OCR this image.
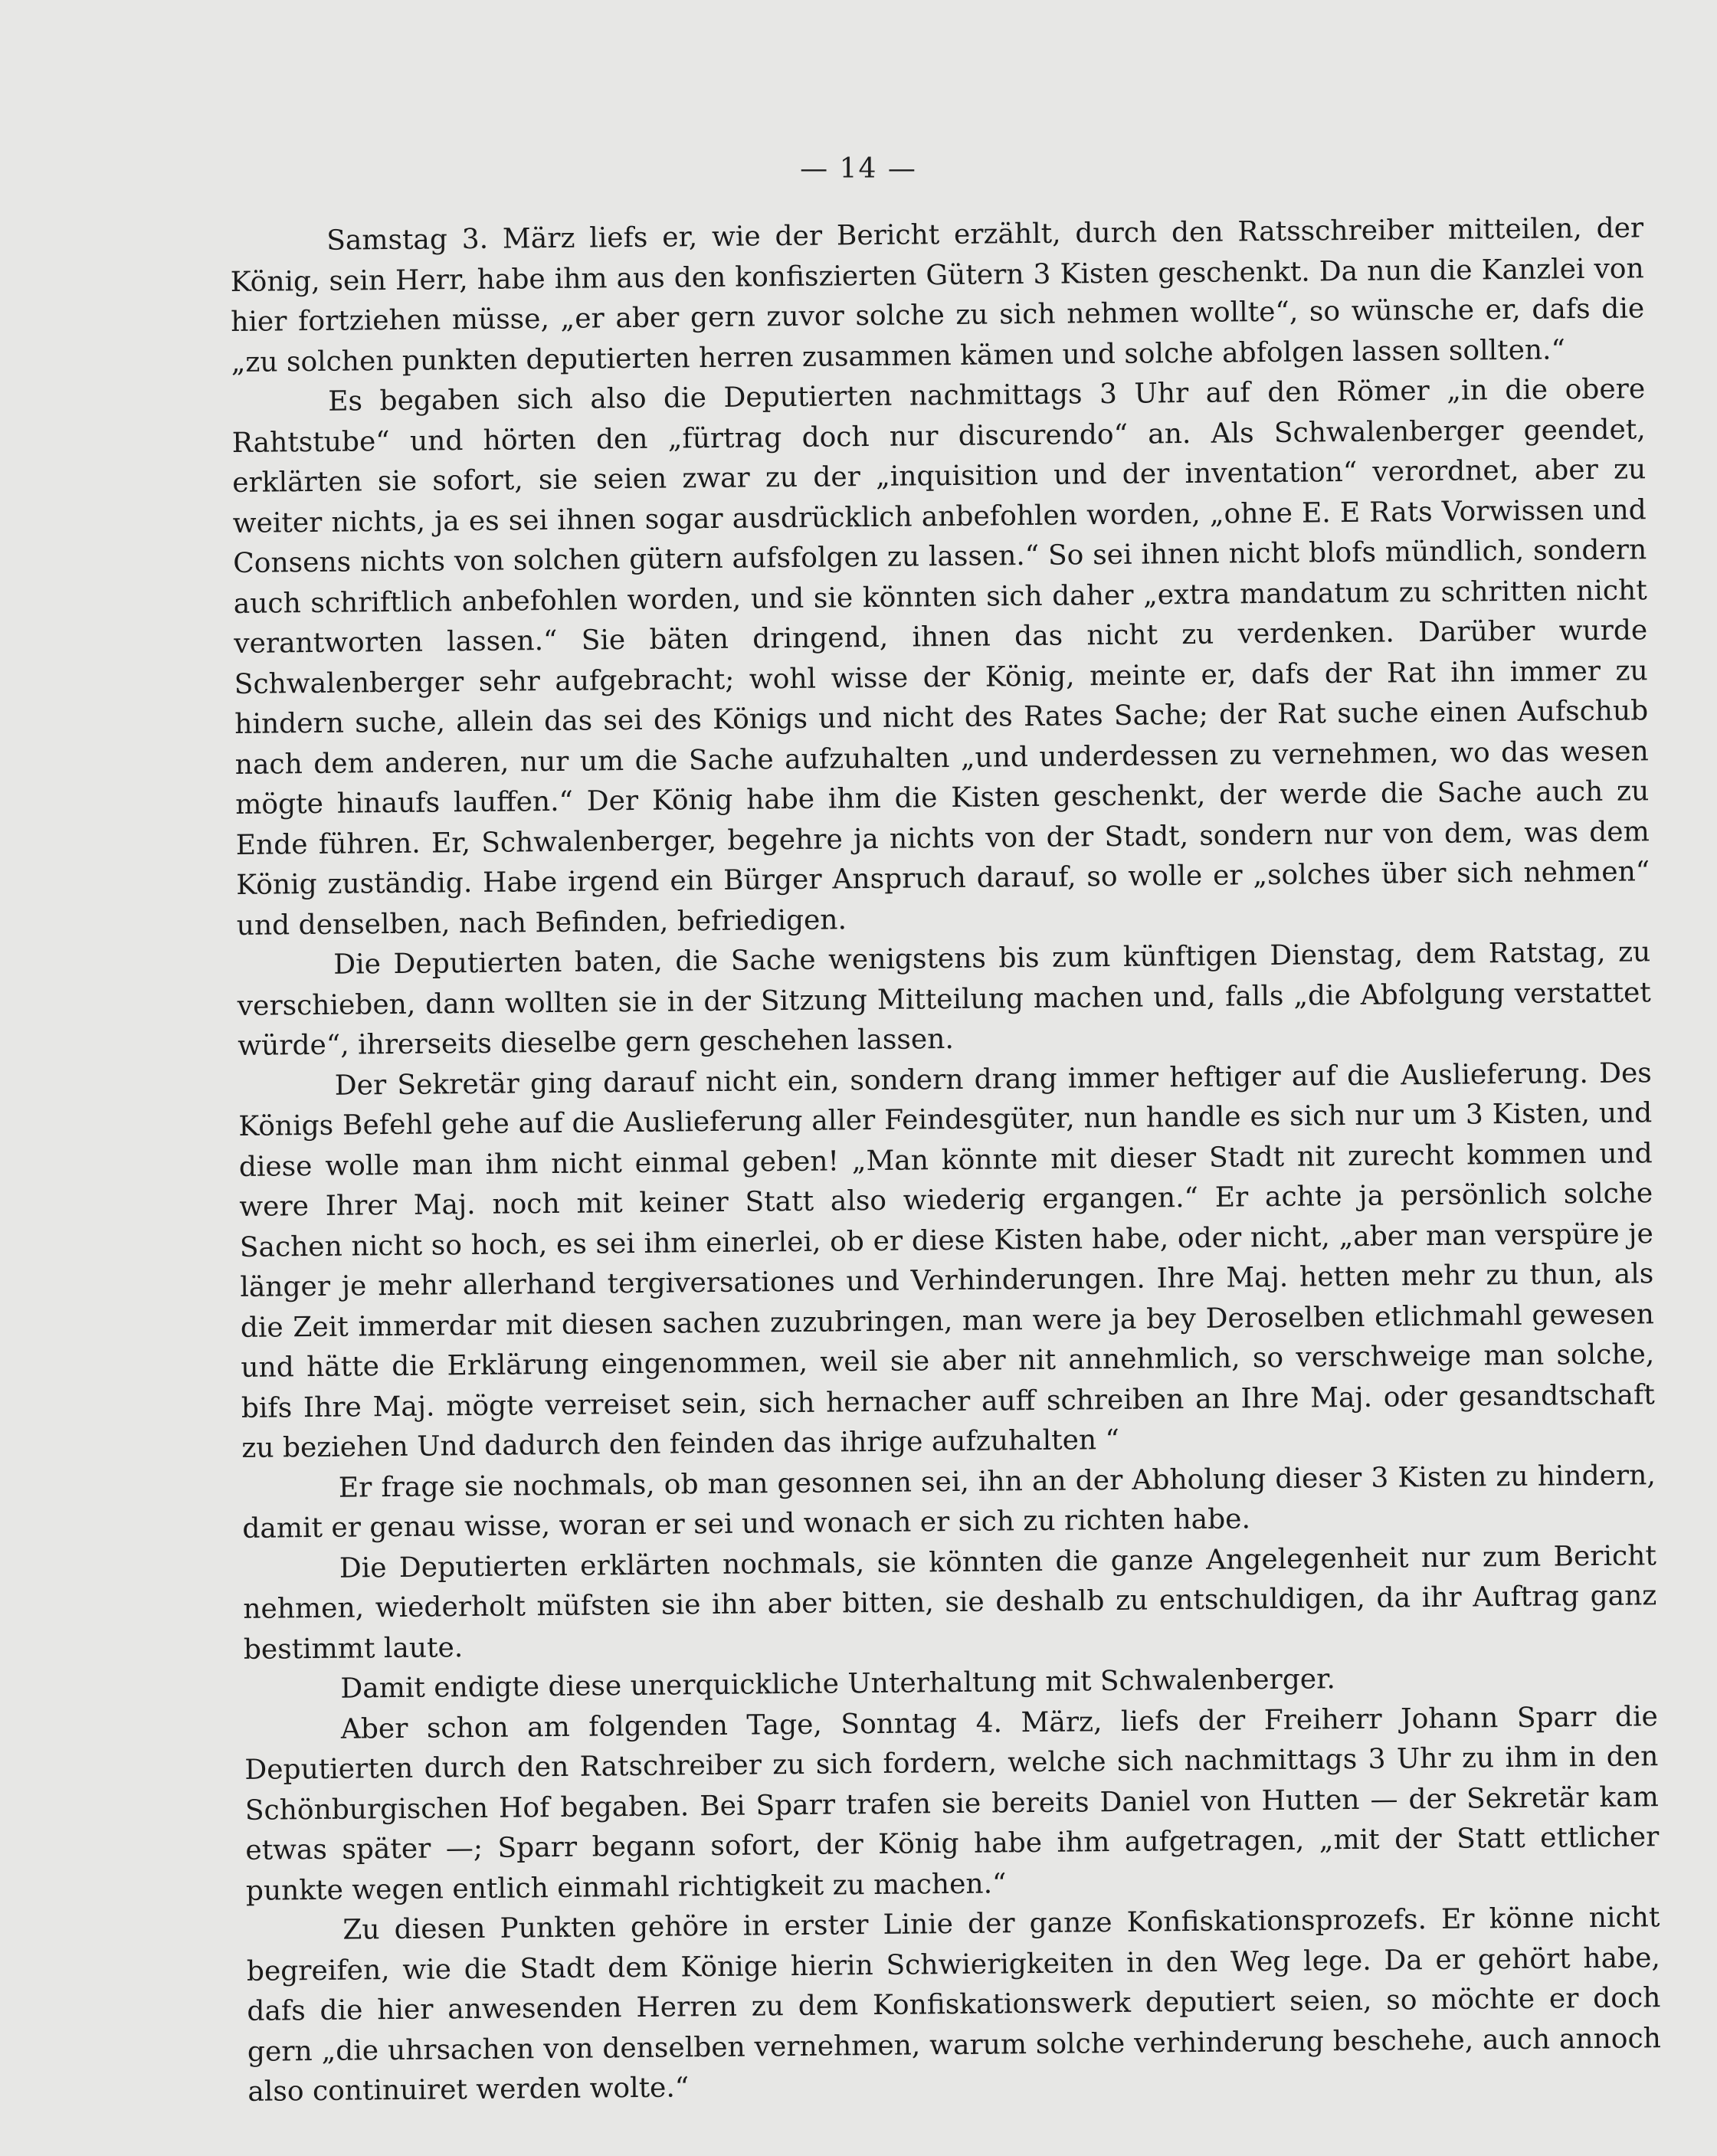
— 14 —

Samstag 3. März liefs er, wie der Bericht erzählt, durch den Ratsschreiber mitteilen, der König, sein Herr, habe ihm aus den konfiszierten Gütern 3 Kisten geschenkt. Da nun die Kanzlei von hier fortziehen müsse, „er aber gern zuvor solche zu sich nehmen wollte“, so wünsche er, dafs die „zu solchen punkten deputierten herren zusammen kämen und solche abfolgen lassen sollten.“

Es begaben sich also die Deputierten nachmittags 3 Uhr auf den Römer „in die obere Rahtstube“ und hörten den „fürtrag doch nur discurendo“ an. Als Schwalenberger geendet, erklärten sie sofort, sie seien zwar zu der „inquisition und der inventation“ verordnet, aber zu weiter nichts, ja es sei ihnen sogar ausdrücklich anbefohlen worden, „ohne E. E Rats Vorwissen und Consens nichts von solchen gütern aufsfolgen zu lassen.“ So sei ihnen nicht blofs mündlich, sondern auch schriftlich anbefohlen worden, und sie könnten sich daher „extra mandatum zu schritten nicht verantworten lassen.“ Sie bäten dringend, ihnen das nicht zu verdenken. Darüber wurde Schwalenberger sehr aufgebracht; wohl wisse der König, meinte er, dafs der Rat ihn immer zu hindern suche, allein das sei des Königs und nicht des Rates Sache; der Rat suche einen Aufschub nach dem anderen, nur um die Sache aufzuhalten „und underdessen zu vernehmen, wo das wesen mögte hinaufs lauffen.“ Der König habe ihm die Kisten geschenkt, der werde die Sache auch zu Ende führen. Er, Schwalenberger, begehre ja nichts von der Stadt, sondern nur von dem, was dem König zuständig. Habe irgend ein Bürger Anspruch darauf, so wolle er „solches über sich nehmen“ und denselben, nach Befinden, befriedigen.

Die Deputierten baten, die Sache wenigstens bis zum künftigen Dienstag, dem Ratstag, zu verschieben, dann wollten sie in der Sitzung Mitteilung machen und, falls „die Abfolgung verstattet würde“, ihrerseits dieselbe gern geschehen lassen.

Der Sekretär ging darauf nicht ein, sondern drang immer heftiger auf die Auslieferung. Des Königs Befehl gehe auf die Auslieferung aller Feindesgüter, nun handle es sich nur um 3 Kisten, und diese wolle man ihm nicht einmal geben! „Man könnte mit dieser Stadt nit zurecht kommen und were Ihrer Maj. noch mit keiner Statt also wiederig ergangen.“ Er achte ja persönlich solche Sachen nicht so hoch, es sei ihm einerlei, ob er diese Kisten habe, oder nicht, „aber man verspüre je länger je mehr allerhand tergiversationes und Verhinderungen. Ihre Maj. hetten mehr zu thun, als die Zeit immerdar mit diesen sachen zuzubringen, man were ja bey Deroselben etlichmahl gewesen und hätte die Erklärung eingenommen, weil sie aber nit annehmlich, so verschweige man solche, bifs Ihre Maj. mögte verreiset sein, sich hernacher auff schreiben an Ihre Maj. oder gesandtschaft zu beziehen Und dadurch den feinden das ihrige aufzuhalten “

Er frage sie nochmals, ob man gesonnen sei, ihn an der Abholung dieser 3 Kisten zu hindern, damit er genau wisse, woran er sei und wonach er sich zu richten habe.

Die Deputierten erklärten nochmals, sie könnten die ganze Angelegenheit nur zum Bericht nehmen, wiederholt müfsten sie ihn aber bitten, sie deshalb zu entschuldigen, da ihr Auftrag ganz bestimmt laute.

Damit endigte diese unerquickliche Unterhaltung mit Schwalenberger.

Aber schon am folgenden Tage, Sonntag 4. März, liefs der Freiherr Johann Sparr die Deputierten durch den Ratschreiber zu sich fordern, welche sich nachmittags 3 Uhr zu ihm in den Schönburgischen Hof begaben. Bei Sparr trafen sie bereits Daniel von Hutten — der Sekretär kam etwas später —; Sparr begann sofort, der König habe ihm aufgetragen, „mit der Statt ettlicher punkte wegen entlich einmahl richtigkeit zu machen.“

Zu diesen Punkten gehöre in erster Linie der ganze Konfiskationsprozefs. Er könne nicht begreifen, wie die Stadt dem Könige hierin Schwierigkeiten in den Weg lege. Da er gehört habe, dafs die hier anwesenden Herren zu dem Konfiskationswerk deputiert seien, so möchte er doch gern „die uhrsachen von denselben vernehmen, warum solche verhinderung beschehe, auch annoch also continuiret werden wolte.“
